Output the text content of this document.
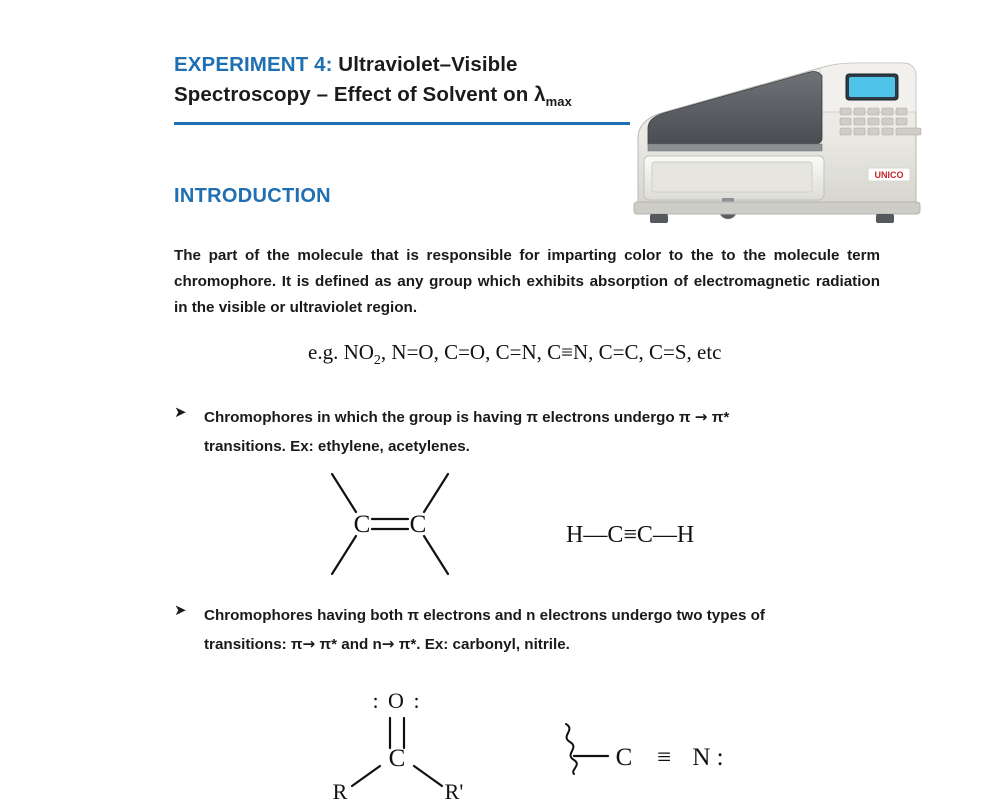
EXPERIMENT 4: Ultraviolet–Visible
Spectroscopy – Effect of Solvent on $\lambda_{max}$
UNICO
INTRODUCTION
The part of the molecule that is responsible for imparting color to the to the molecule term chromophore. It is defined as any group which exhibits absorption of electromagnetic radiation in the visible or ultraviolet region.
e.g. $NO_2$, N=O, C=O, C=N, C≡N, C=C, C=S, etc
➤ Chromophores in which the group is having π electrons undergo π → π*
transitions. Ex: ethylene, acetylenes.
C C	H—C≡C—H
➤ Chromophores having both π electrons and n electrons undergo two types of
transitions: π→ π* and n→ π*. Ex: carbonyl, nitrile.
: O :
C
R	R'
C ≡ N :
